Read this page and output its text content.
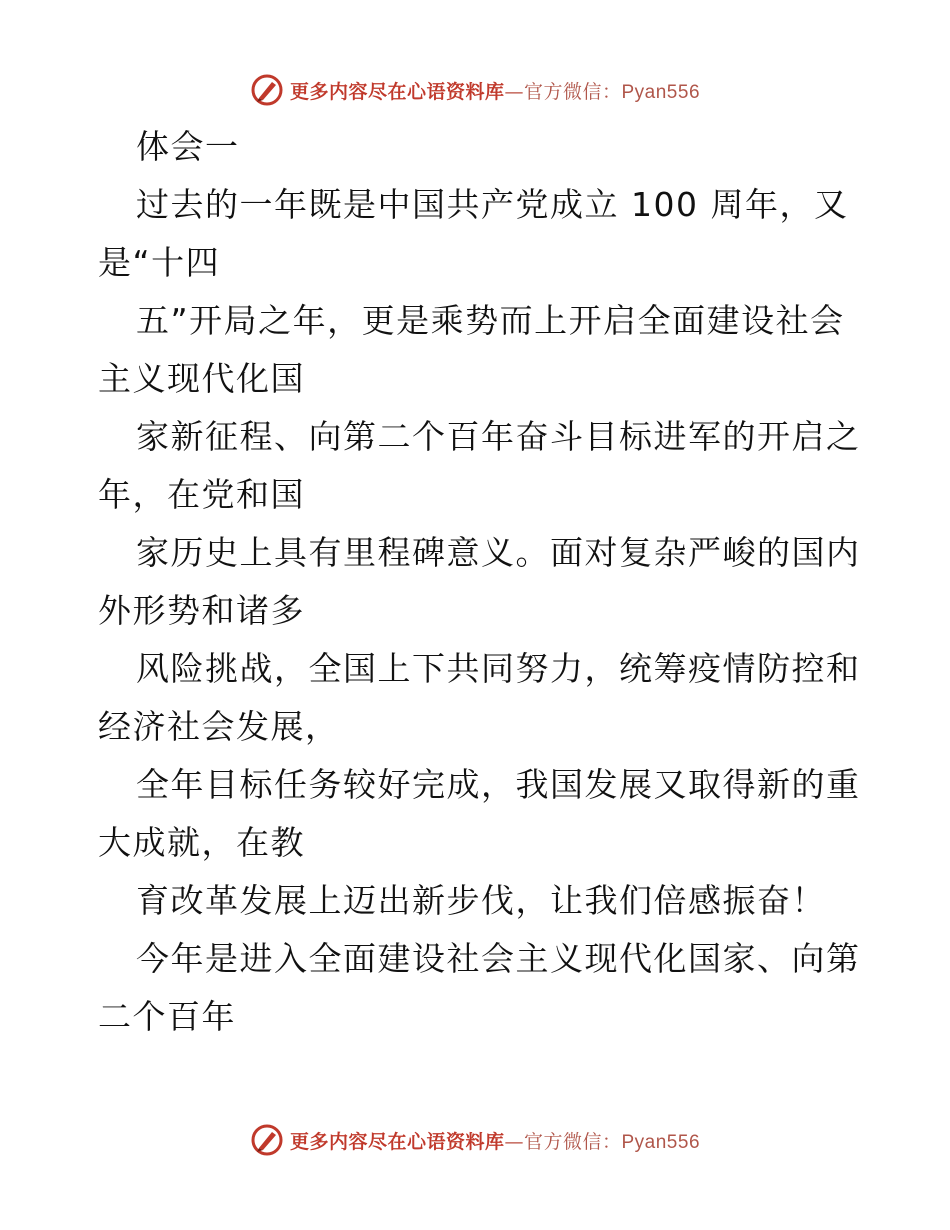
更多内容尽在心语资料库—官方微信：Pyan556
体会一
过去的一年既是中国共产党成立 100 周年，又
是“十四
五”开局之年，更是乘势而上开启全面建设社会
主义现代化国
家新征程、向第二个百年奋斗目标进军的开启之
年，在党和国
家历史上具有里程碑意义。面对复杂严峻的国内
外形势和诸多
风险挑战，全国上下共同努力，统筹疫情防控和
经济社会发展，
全年目标任务较好完成，我国发展又取得新的重
大成就，在教
育改革发展上迈出新步伐，让我们倍感振奋！
今年是进入全面建设社会主义现代化国家、向第
二个百年
更多内容尽在心语资料库—官方微信：Pyan556
